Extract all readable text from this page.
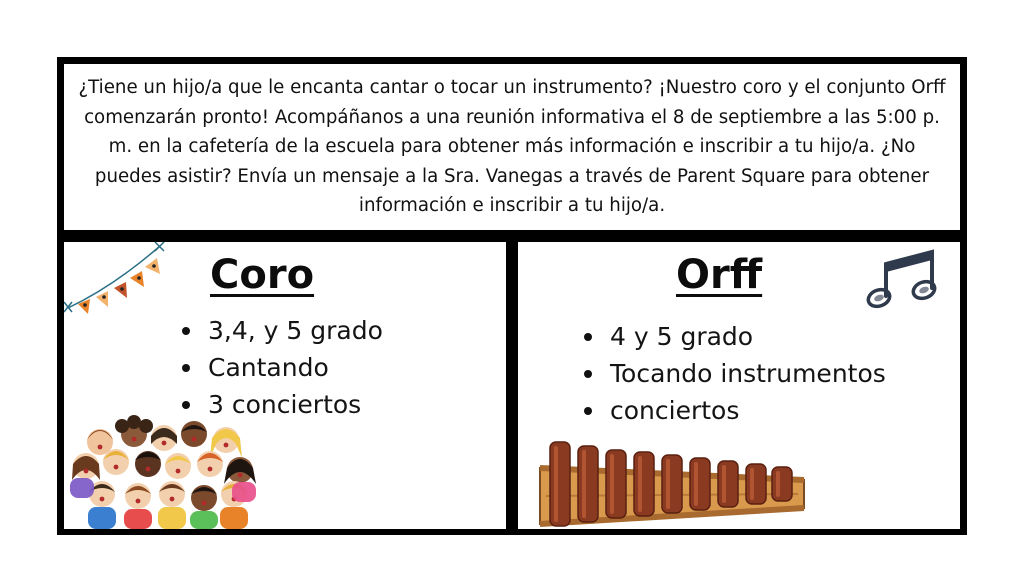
¿Tiene un hijo/a que le encanta cantar o tocar un instrumento? ¡Nuestro coro y el conjunto Orff comenzarán pronto! Acompáñanos a una reunión informativa el 8 de septiembre a las 5:00 p. m. en la cafetería de la escuela para obtener más información e inscribir a tu hijo/a. ¿No puedes asistir? Envía un mensaje a la Sra. Vanegas a través de Parent Square para obtener información e inscribir a tu hijo/a.

Coro
3,4, y 5 grado
Cantando
3 conciertos
Orff
4 y 5 grado
Tocando instrumentos
conciertos
